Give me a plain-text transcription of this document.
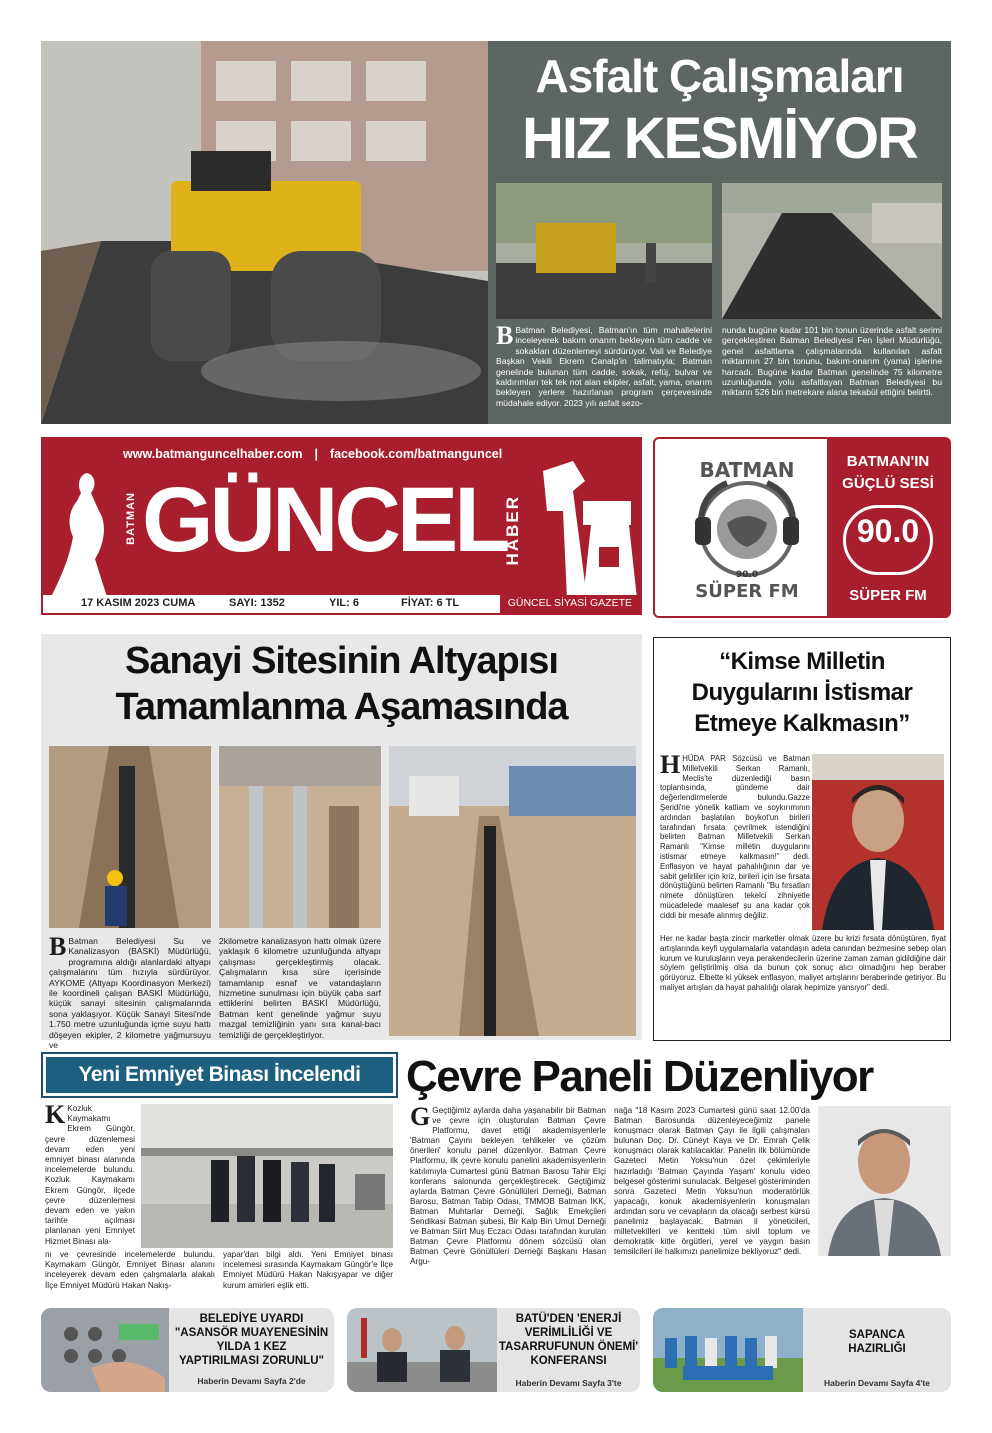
Asfalt Çalışmaları
HIZ KESMİYOR
B Batman Belediyesi, Batman'ın tüm mahallelerini inceleyerek bakım onarım bekleyen tüm cadde ve sokakları düzenlemeyi sürdürüyor. Vali ve Belediye Başkan Vekili Ekrem Canalp'in talimatıyla; Batman genelinde bulunan tüm cadde, sokak, refüj, bulvar ve kaldırımları tek tek not alan ekipler, asfalt, yama, onarım bekleyen yerlere hazırlanan program çerçevesinde müdahale ediyor. 2023 yılı asfalt sezo-
nunda bugüne kadar 101 bin tonun üzerinde asfalt serimi gerçekleştiren Batman Belediyesi Fen İşleri Müdürlüğü, genel asfaltlama çalışmalarında kullanılan asfalt miktarının 27 bin tonunu, bakım-onarım (yama) işlerine harcadı. Bugüne kadar Batman genelinde 75 kilometre uzunluğunda yolu asfaltlayan Batman Belediyesi bu miktarın 526 bin metrekare alana tekabül ettiğini belirtti.
www.batmanguncelhaber.com | facebook.com/batmanguncel
BATMAN GÜNCEL
HABER
17 KASIM 2023 CUMA	SAYI: 1352	YIL: 6	FİYAT: 6 TL	GÜNCEL SİYASİ GAZETE
BATMAN
90.0
SÜPER FM
BATMAN'IN
GÜÇLÜ SESİ
90.0
SÜPER FM
Sanayi Sitesinin Altyapısı
Tamamlanma Aşamasında
B Batman Belediyesi Su ve Kanalizasyon (BASKİ) Müdürlüğü, programına aldığı alanlardaki altyapı çalışmalarını tüm hızıyla sürdürüyor. AYKOME (Altyapı Koordinasyon Merkezi) ile koordineli çalışan BASKİ Müdürlüğü, küçük sanayi sitesinin çalışmalarında sona yaklaşıyor. Küçük Sanayi Sitesi'nde 1.750 metre uzunluğunda içme suyu hattı döşeyen ekipler, 2 kilometre yağmursuyu ve
2kilometre kanalizasyon hattı olmak üzere yaklaşık 6 kilometre uzunluğunda altyapı çalışması gerçekleştirmiş olacak. Çalışmaların kısa süre içerisinde tamamlanıp esnaf ve vatandaşların hizmetine sunulması için büyük çaba sarf ettiklerini belirten BASKİ Müdürlüğü, Batman kent genelinde yağmur suyu mazgal temizliğinin yanı sıra kanal-bacı temizliği de gerçekleştiriyor.
“Kimse Milletin
Duygularını İstismar
Etmeye Kalkmasın”
HHÜDA PAR Sözcüsü ve Batman Milletvekili Serkan Ramanlı, Meclis'te düzenlediği basın toplantısında, gündeme dair değerlendirmelerde bulundu.Gazze Şeridi'ne yönelik katliam ve soykırımının ardından başlatılan boykot'un birileri tarafından fırsata çevrilmek istendiğini belirten Batman Milletvekili Serkan Ramanlı "Kimse milletin duygularını istismar etmeye kalkmasın!" dedi. Enflasyon ve hayat pahalılığının dar ve sabit gelirliler için kriz, birileri için ise fırsata dönüştüğünü belirten Ramanlı "Bu fırsatları nimete dönüştüren tekelci zihniyetle mücadelede maalesef şu ana kadar çok ciddi bir mesafe alınmış değiliz.
Her ne kadar başta zincir marketler olmak üzere bu krizi fırsata dönüştüren, fiyat artışlarında keyfi uygulamalarla vatandaşın adeta canından bezmesine sebep olan kurum ve kuruluşların veya perakendecilerin üzerine zaman zaman gidildiğine dair söylem geliştirilmiş olsa da bunun çok sonuç alıcı olmadığını hep beraber görüyoruz. Elbette ki yüksek enflasyon, maliyet artışlarını beraberinde getiriyor. Bu maliyet artışları da hayat pahalılığı olarak hepimize yansıyor" dedi.
Yeni Emniyet Binası İncelendi
K Kozluk Kaymakamı Ekrem Güngör, çevre düzenlemesi devam eden yeni emniyet binası alanında incelemelerde bulundu. Kozluk Kaymakamı Ekrem Güngör, ilçede çevre düzenlemesi devam eden ve yakın tarihte açılması planlanan yeni Emniyet Hizmet Binası ala-
nı ve çevresinde incelemelerde bulundu. Kaymakam Güngör, Emniyet Binası alanını inceleyerek devam eden çalışmalarla alakalı İlçe Emniyet Müdürü Hakan Nakış-
yapar'dan bilgi aldı. Yeni Emniyet binası incelemesi sırasında Kaymakam Güngör'e İlçe Emniyet Müdürü Hakan Nakışyapar ve diğer kurum amirleri eşlik etti.
Çevre Paneli Düzenliyor
G Geçtiğimiz aylarda daha yaşanabilir bir Batman ve çevre için oluşturulan Batman Çevre Platformu, davet ettiği akademisyenlerle 'Batman Çayını bekleyen tehlikeler ve çözüm önerileri' konulu panel düzenliyor. Batman Çevre Platformu, ilk çevre konulu panelini akademisyenlerin katılımıyla Cumartesi günü Batman Barosu Tahir Elçi konferans salonunda gerçekleştirecek. Geçtiğimiz aylarda Batman Çevre Gönüllüleri Derneği, Batman Barosu, Batman Tabip Odası, TMMOB Batman İKK, Batman Muhtarlar Derneği, Sağlık Emekçileri Sendikası Batman şubesi, Bir Kalp Bin Umut Derneği ve Batman Siirt Muş Eczacı Odası tarafından kurulan Batman Çevre Platformu dönem sözcüsü olan Batman Çevre Gönüllüleri Derneği Başkanı Hasan Argu-
nağa "18 Kasım 2023 Cumartesi günü saat 12.00'da Batman Barosunda düzenleyeceğimiz panele konuşmacı olarak Batman Çayı ile ilgili çalışmaları bulunan Doç. Dr. Cüneyt Kaya ve Dr. Emrah Çelik konuşmacı olarak katılacaklar. Panelin ilk bölümünde Gazeteci Metin Yoksu'nun özel çekimleriyle hazırladığı 'Batman Çayında Yaşam' konulu video belgesel gösterimi sunulacak. Belgesel gösteriminden sonra Gazeteci Metin Yoksu'nun moderatörlük yapacağı, konuk akademisyenlerin konuşmaları ardından soru ve cevapların da olacağı serbest kürsü panelimiz başlayacak. Batman il yöneticileri, milletvekilleri ve kentteki tüm sivil toplum ve demokratik kitle örgütleri, yerel ve yaygın basın temsilcileri ile halkımızı panelimize bekliyoruz" dedi.
BELEDİYE UYARDI
"ASANSÖR MUAYENESİNİN
YILDA 1 KEZ
YAPTIRILMASI ZORUNLU"
Haberin Devamı Sayfa 2'de
BATÜ'DEN 'ENERJİ
VERİMLİLİĞİ VE
TASARRUFUNUN ÖNEMİ'
KONFERANSI
Haberin Devamı Sayfa 3'te
SAPANCA
HAZIRLIĞI
Haberin Devamı Sayfa 4'te
